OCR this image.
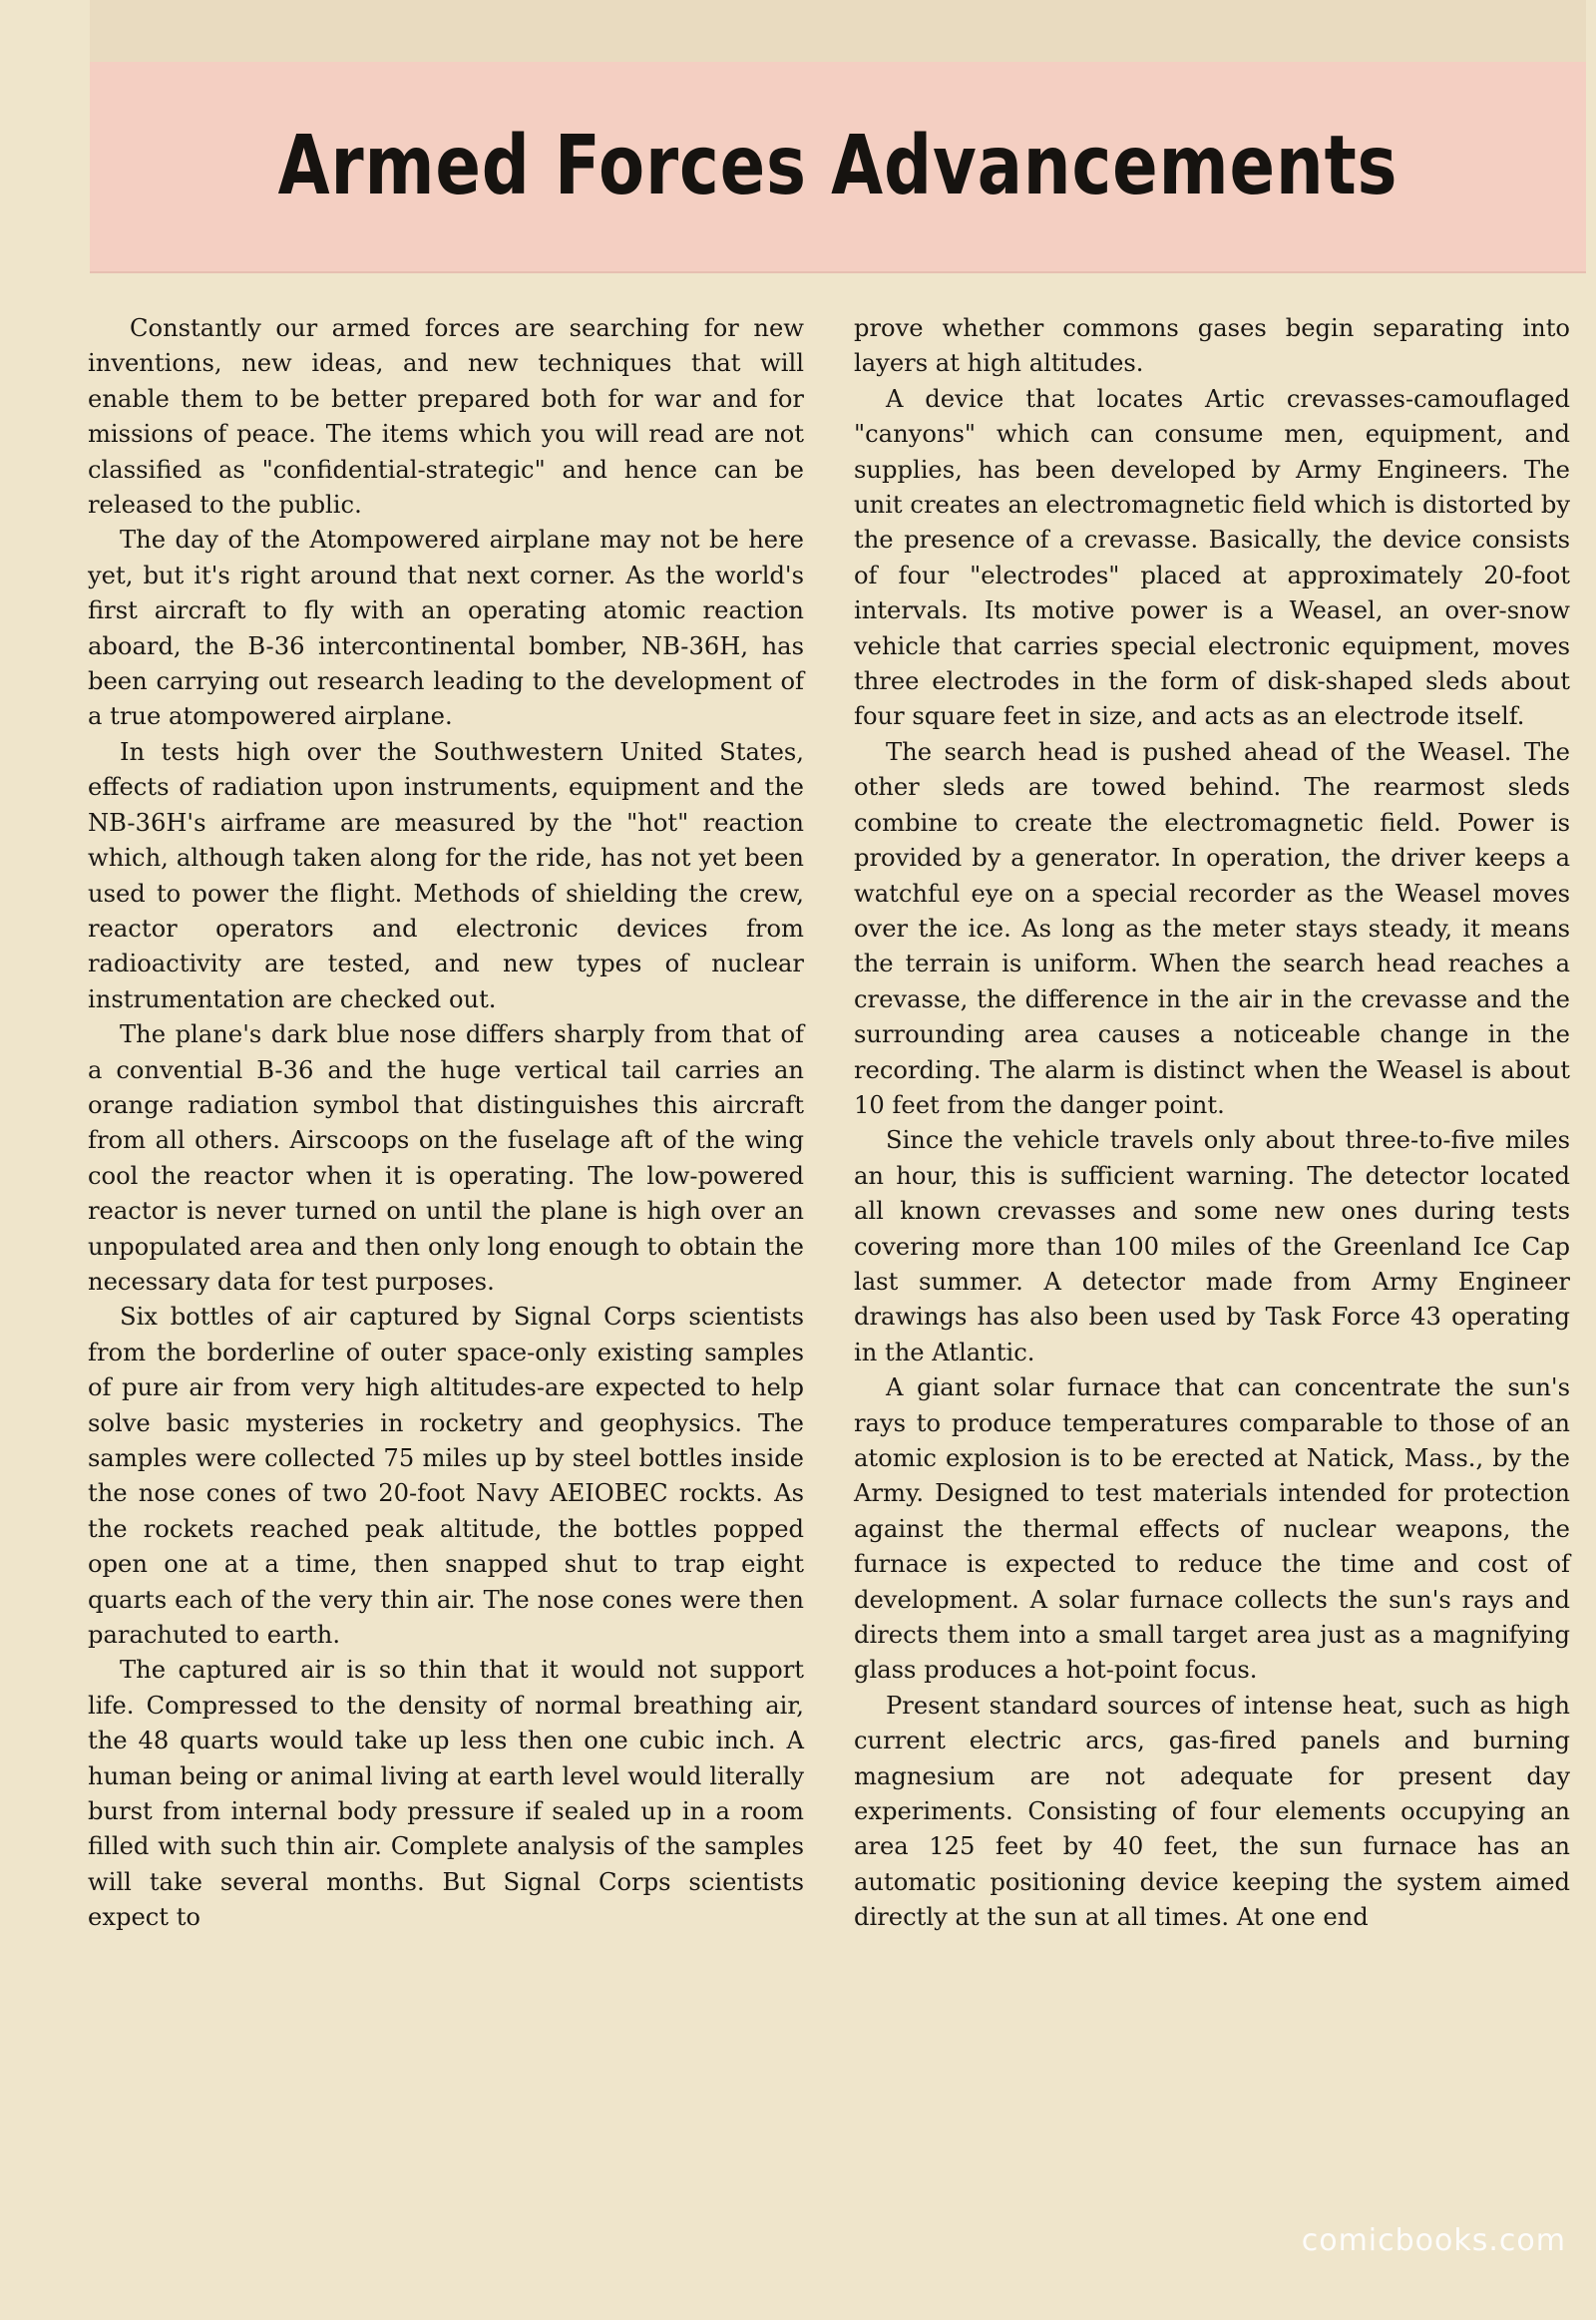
Armed Forces Advancements

Constantly our armed forces are searching for new inventions, new ideas, and new techniques that will enable them to be better prepared both for war and for missions of peace. The items which you will read are not classified as "confidential-strategic" and hence can be released to the public.

The day of the Atompowered airplane may not be here yet, but it's right around that next corner. As the world's first aircraft to fly with an operating atomic reaction aboard, the B-36 intercontinental bomber, NB-36H, has been carrying out research leading to the development of a true atompowered airplane.

In tests high over the Southwestern United States, effects of radiation upon instruments, equipment and the NB-36H's airframe are measured by the "hot" reaction which, although taken along for the ride, has not yet been used to power the flight. Methods of shielding the crew, reactor operators and electronic devices from radioactivity are tested, and new types of nuclear instrumentation are checked out.

The plane's dark blue nose differs sharply from that of a convential B-36 and the huge vertical tail carries an orange radiation symbol that distinguishes this aircraft from all others. Airscoops on the fuselage aft of the wing cool the reactor when it is operating. The low-powered reactor is never turned on until the plane is high over an unpopulated area and then only long enough to obtain the necessary data for test purposes.

Six bottles of air captured by Signal Corps scientists from the borderline of outer space-only existing samples of pure air from very high altitudes-are expected to help solve basic mysteries in rocketry and geophysics. The samples were collected 75 miles up by steel bottles inside the nose cones of two 20-foot Navy AEIOBEC rockts. As the rockets reached peak altitude, the bottles popped open one at a time, then snapped shut to trap eight quarts each of the very thin air. The nose cones were then parachuted to earth.

The captured air is so thin that it would not support life. Compressed to the density of normal breathing air, the 48 quarts would take up less then one cubic inch. A human being or animal living at earth level would literally burst from internal body pressure if sealed up in a room filled with such thin air. Complete analysis of the samples will take several months. But Signal Corps scientists expect to

prove whether commons gases begin separating into layers at high altitudes.

A device that locates Artic crevasses-camouflaged "canyons" which can consume men, equipment, and supplies, has been developed by Army Engineers. The unit creates an electromagnetic field which is distorted by the presence of a crevasse. Basically, the device consists of four "electrodes" placed at approximately 20-foot intervals. Its motive power is a Weasel, an over-snow vehicle that carries special electronic equipment, moves three electrodes in the form of disk-shaped sleds about four square feet in size, and acts as an electrode itself.

The search head is pushed ahead of the Weasel. The other sleds are towed behind. The rearmost sleds combine to create the electromagnetic field. Power is provided by a generator. In operation, the driver keeps a watchful eye on a special recorder as the Weasel moves over the ice. As long as the meter stays steady, it means the terrain is uniform. When the search head reaches a crevasse, the difference in the air in the crevasse and the surrounding area causes a noticeable change in the recording. The alarm is distinct when the Weasel is about 10 feet from the danger point.

Since the vehicle travels only about three-to-five miles an hour, this is sufficient warning. The detector located all known crevasses and some new ones during tests covering more than 100 miles of the Greenland Ice Cap last summer. A detector made from Army Engineer drawings has also been used by Task Force 43 operating in the Atlantic.

A giant solar furnace that can concentrate the sun's rays to produce temperatures comparable to those of an atomic explosion is to be erected at Natick, Mass., by the Army. Designed to test materials intended for protection against the thermal effects of nuclear weapons, the furnace is expected to reduce the time and cost of development. A solar furnace collects the sun's rays and directs them into a small target area just as a magnifying glass produces a hot-point focus.

Present standard sources of intense heat, such as high current electric arcs, gas-fired panels and burning magnesium are not adequate for present day experiments. Consisting of four elements occupying an area 125 feet by 40 feet, the sun furnace has an automatic positioning device keeping the system aimed directly at the sun at all times. At one end

comicbooks.com
